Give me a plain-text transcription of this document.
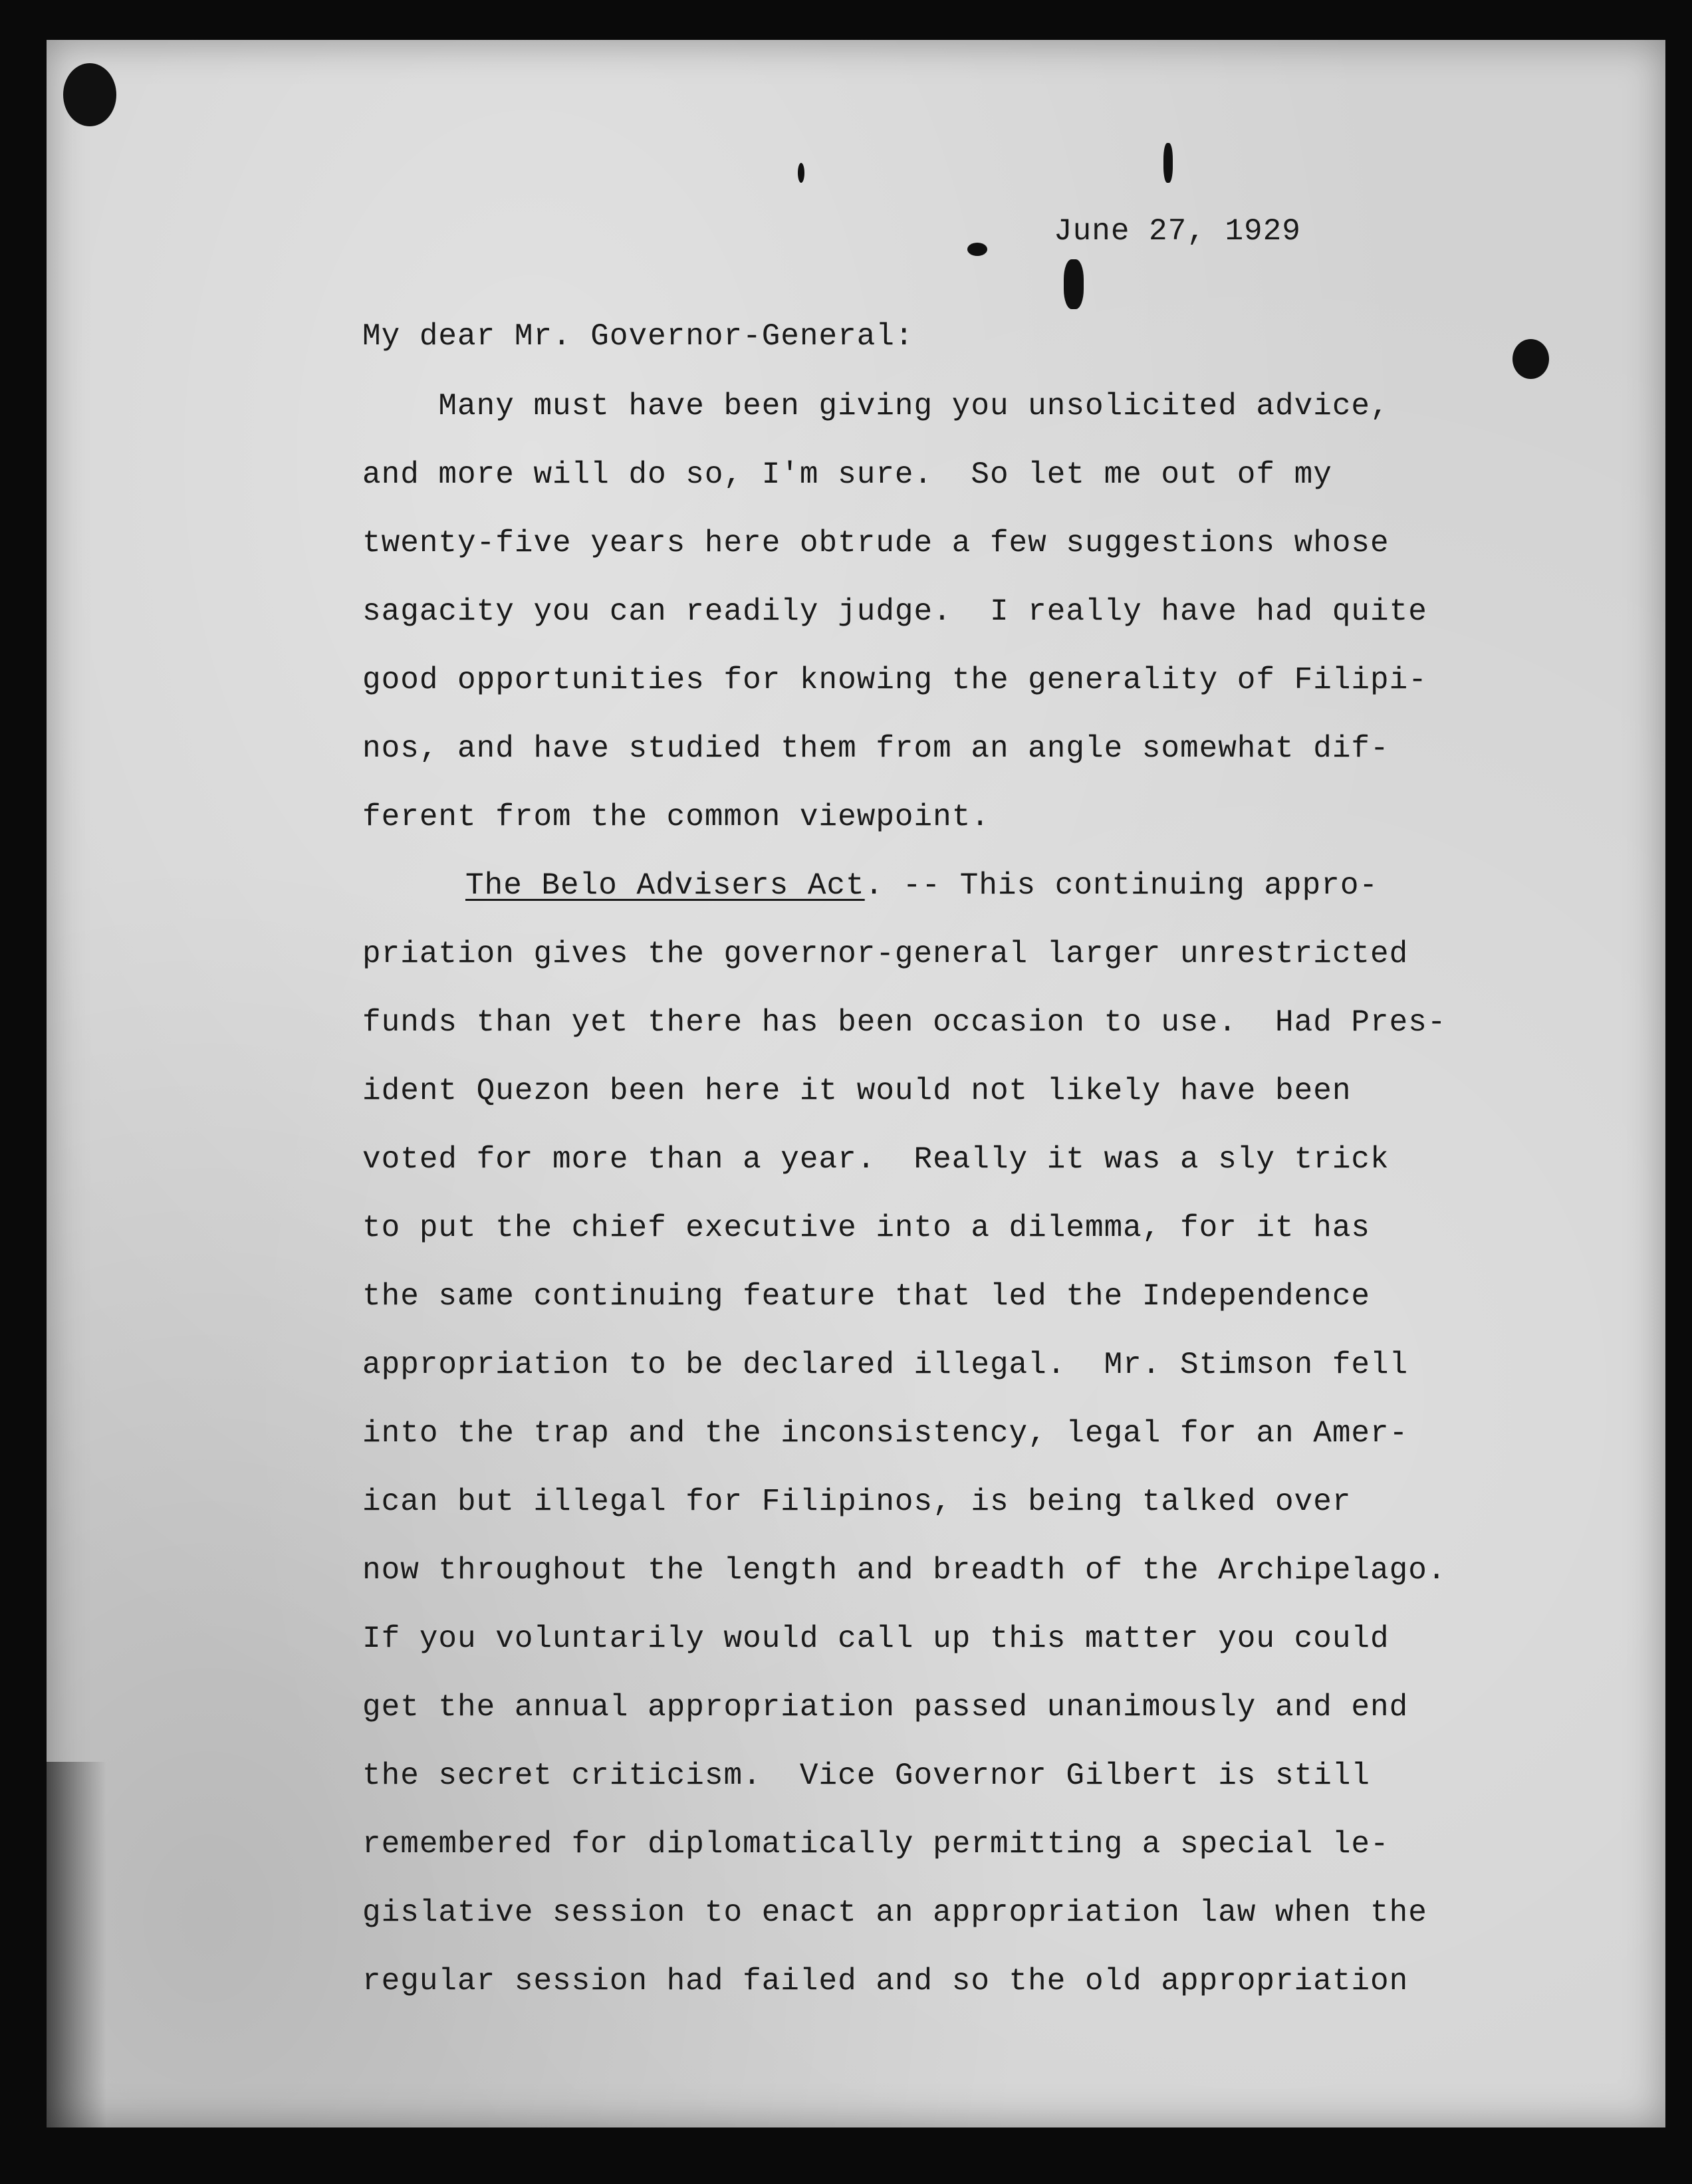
June 27, 1929
My dear Mr. Governor-General:
Many must have been giving you unsolicited advice,
and more will do so, I'm sure.  So let me out of my
twenty-five years here obtrude a few suggestions whose
sagacity you can readily judge.  I really have had quite
good opportunities for knowing the generality of Filipi-
nos, and have studied them from an angle somewhat dif-
ferent from the common viewpoint.
The Belo Advisers Act. -- This continuing appro-
priation gives the governor-general larger unrestricted
funds than yet there has been occasion to use.  Had Pres-
ident Quezon been here it would not likely have been
voted for more than a year.  Really it was a sly trick
to put the chief executive into a dilemma, for it has
the same continuing feature that led the Independence
appropriation to be declared illegal.  Mr. Stimson fell
into the trap and the inconsistency, legal for an Amer-
ican but illegal for Filipinos, is being talked over
now throughout the length and breadth of the Archipelago.
If you voluntarily would call up this matter you could
get the annual appropriation passed unanimously and end
the secret criticism.  Vice Governor Gilbert is still
remembered for diplomatically permitting a special le-
gislative session to enact an appropriation law when the
regular session had failed and so the old appropriation
